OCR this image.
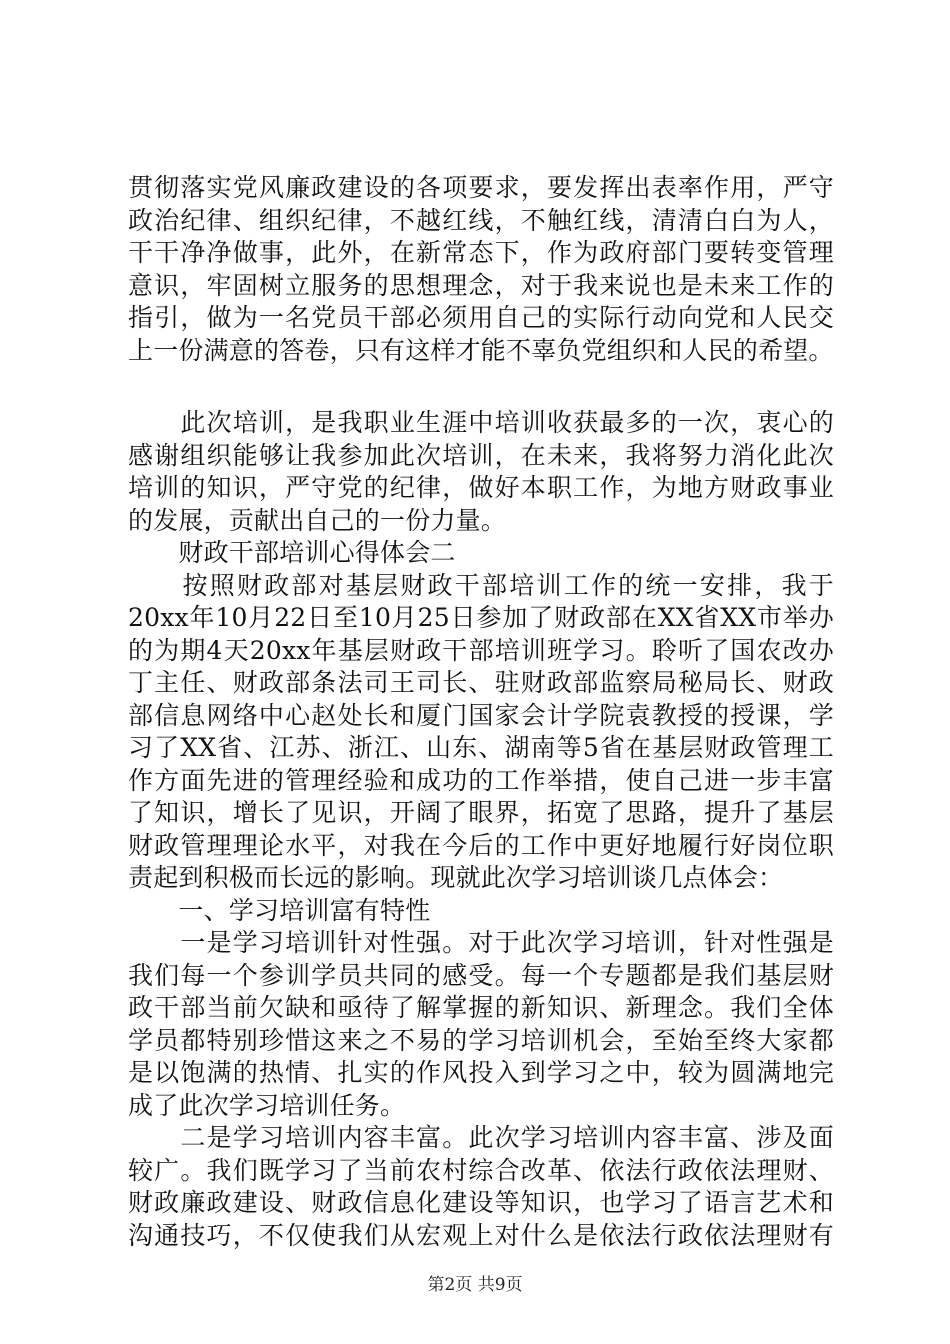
贯彻落实党风廉政建设的各项要求，要发挥出表率作用，严守
政治纪律、组织纪律，不越红线，不触红线，清清白白为人，
干干净净做事，此外，在新常态下，作为政府部门要转变管理
意识，牢固树立服务的思想理念，对于我来说也是未来工作的
指引，做为一名党员干部必须用自己的实际行动向党和人民交
上一份满意的答卷，只有这样才能不辜负党组织和人民的希望。
　　此次培训，是我职业生涯中培训收获最多的一次，衷心的
感谢组织能够让我参加此次培训，在未来，我将努力消化此次
培训的知识，严守党的纪律，做好本职工作，为地方财政事业
的发展，贡献出自己的一份力量。
　　财政干部培训心得体会二
　　按照财政部对基层财政干部培训工作的统一安排，我于
20xx年10月22日至10月25日参加了财政部在XX省XX市举办
的为期4天20xx年基层财政干部培训班学习。聆听了国农改办
丁主任、财政部条法司王司长、驻财政部监察局秘局长、财政
部信息网络中心赵处长和厦门国家会计学院袁教授的授课，学
习了XX省、江苏、浙江、山东、湖南等5省在基层财政管理工
作方面先进的管理经验和成功的工作举措，使自己进一步丰富
了知识，增长了见识，开阔了眼界，拓宽了思路，提升了基层
财政管理理论水平，对我在今后的工作中更好地履行好岗位职
责起到积极而长远的影响。现就此次学习培训谈几点体会：
　　一、学习培训富有特性
　　一是学习培训针对性强。对于此次学习培训，针对性强是
我们每一个参训学员共同的感受。每一个专题都是我们基层财
政干部当前欠缺和亟待了解掌握的新知识、新理念。我们全体
学员都特别珍惜这来之不易的学习培训机会，至始至终大家都
是以饱满的热情、扎实的作风投入到学习之中，较为圆满地完
成了此次学习培训任务。
　　二是学习培训内容丰富。此次学习培训内容丰富、涉及面
较广。我们既学习了当前农村综合改革、依法行政依法理财、
财政廉政建设、财政信息化建设等知识，也学习了语言艺术和
沟通技巧，不仅使我们从宏观上对什么是依法行政依法理财有
第2页 共9页
